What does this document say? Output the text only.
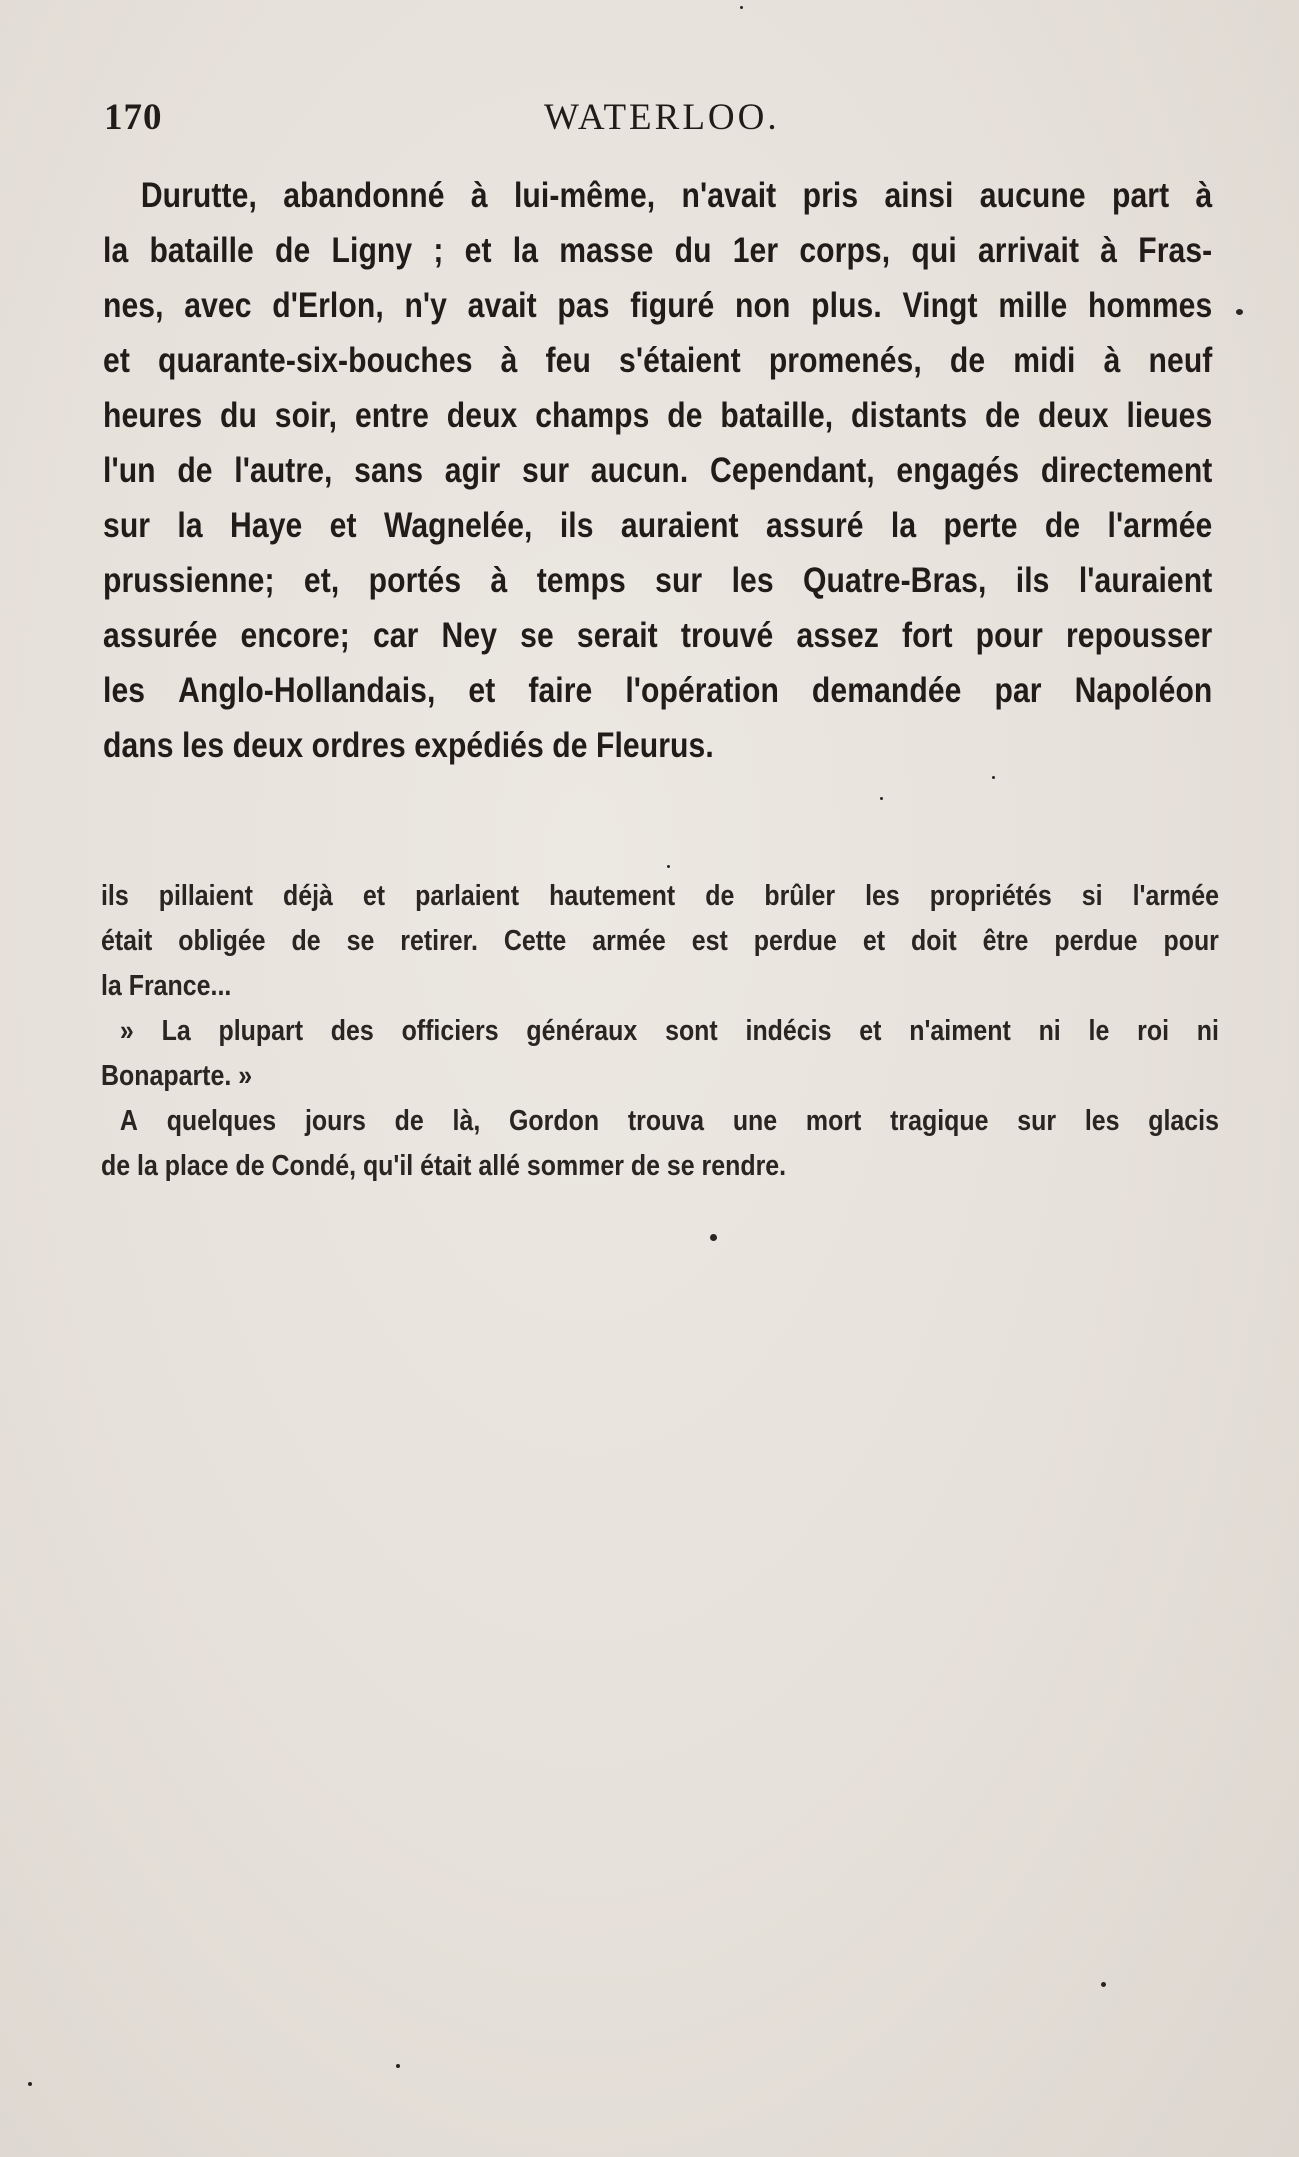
170	WATERLOO.
Durutte, abandonné à lui-même, n'avait pris ainsi aucune part à
la bataille de Ligny ; et la masse du 1er corps, qui arrivait à Fras-
nes, avec d'Erlon, n'y avait pas figuré non plus. Vingt mille hommes
et quarante-six-bouches à feu s'étaient promenés, de midi à neuf
heures du soir, entre deux champs de bataille, distants de deux lieues
l'un de l'autre, sans agir sur aucun. Cependant, engagés directement
sur la Haye et Wagnelée, ils auraient assuré la perte de l'armée
prussienne; et, portés à temps sur les Quatre-Bras, ils l'auraient
assurée encore; car Ney se serait trouvé assez fort pour repousser
les Anglo-Hollandais, et faire l'opération demandée par Napoléon
dans les deux ordres expédiés de Fleurus.
ils pillaient déjà et parlaient hautement de brûler les propriétés si l'armée
était obligée de se retirer. Cette armée est perdue et doit être perdue pour
la France...
» La plupart des officiers généraux sont indécis et n'aiment ni le roi ni
Bonaparte. »
A quelques jours de là, Gordon trouva une mort tragique sur les glacis
de la place de Condé, qu'il était allé sommer de se rendre.
